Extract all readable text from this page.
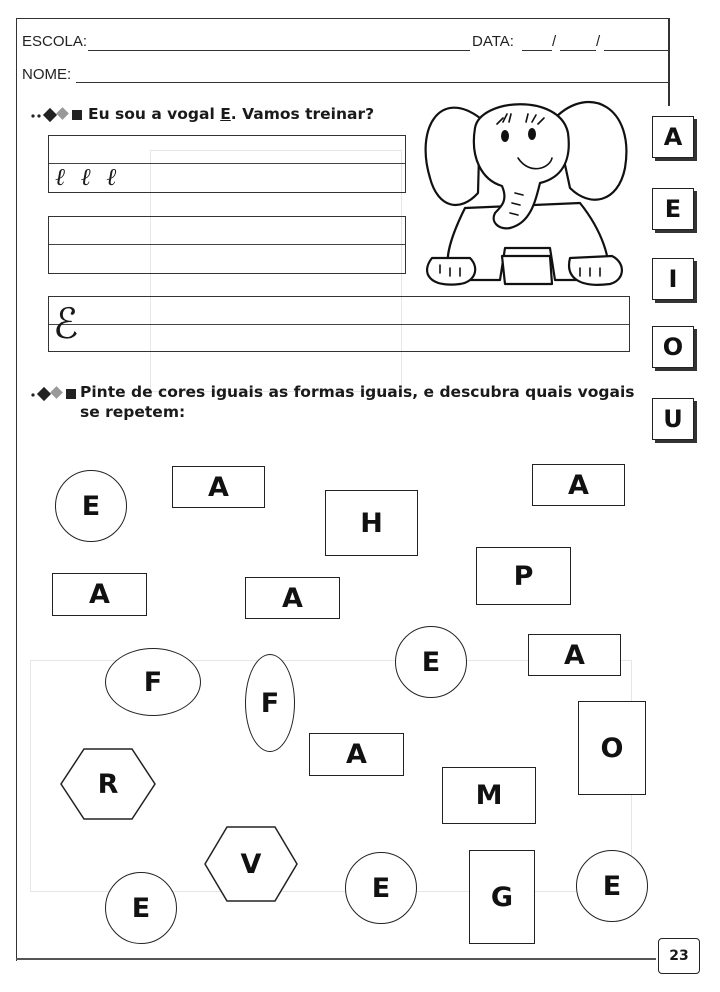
ESCOLA:	DATA:	/	/
NOME:
Eu sou a vogal E. Vamos treinar?
ℓ ℓ ℓ
ℰ
A
E
I
O
U
Pinte de cores iguais as formas iguais, e descubra quais vogais
se repetem:
E
A
H
A
A	A
P
E	A
F
F
O
A
R	M
V
E	G	E
E
23
